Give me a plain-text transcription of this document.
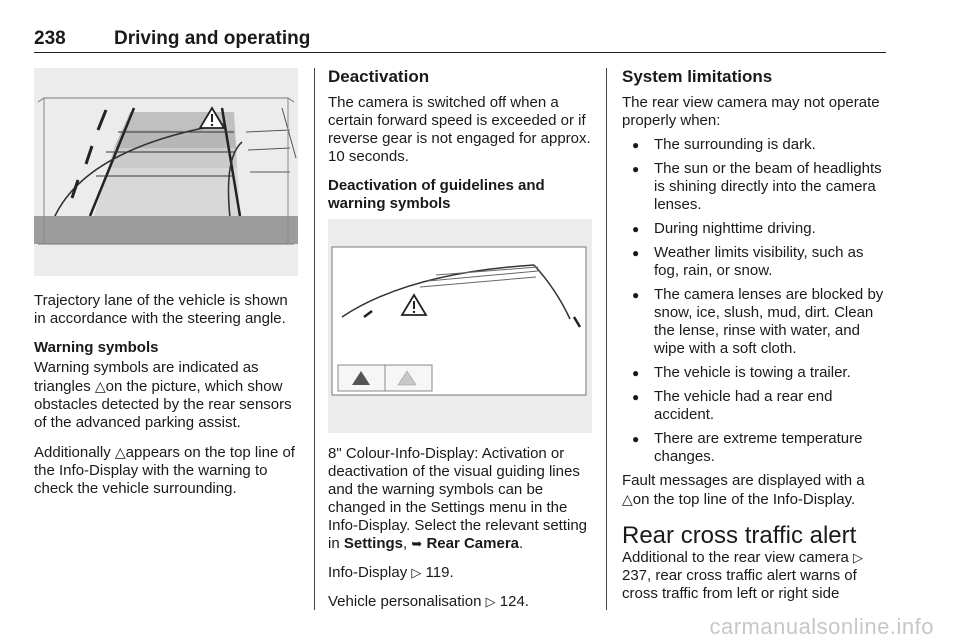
238	Driving and operating

Trajectory lane of the vehicle is shown in accordance with the steering angle.

Warning symbols

Warning symbols are indicated as triangles △on the picture, which show obstacles detected by the rear sensors of the advanced parking assist.

Additionally △appears on the top line of the Info-Display with the warning to check the vehicle surrounding.

Deactivation

The camera is switched off when a certain forward speed is exceeded or if reverse gear is not engaged for approx. 10 seconds.

Deactivation of guidelines and warning symbols

8" Colour-Info-Display: Activation or deactivation of the visual guiding lines and the warning symbols can be changed in the Settings menu in the Info-Display. Select the relevant setting in Settings, ➥ Rear Camera.

Info-Display ▷ 119.

Vehicle personalisation ▷ 124.

System limitations

The rear view camera may not operate properly when:

● The surrounding is dark.
● The sun or the beam of headlights is shining directly into the camera lenses.
● During nighttime driving.
● Weather limits visibility, such as fog, rain, or snow.
● The camera lenses are blocked by snow, ice, slush, mud, dirt. Clean the lense, rinse with water, and wipe with a soft cloth.
● The vehicle is towing a trailer.
● The vehicle had a rear end accident.
● There are extreme temperature changes.

Fault messages are displayed with a △on the top line of the Info-Display.

Rear cross traffic alert

Additional to the rear view camera ▷ 237, rear cross traffic alert warns of cross traffic from left or right side

carmanualsonline.info
